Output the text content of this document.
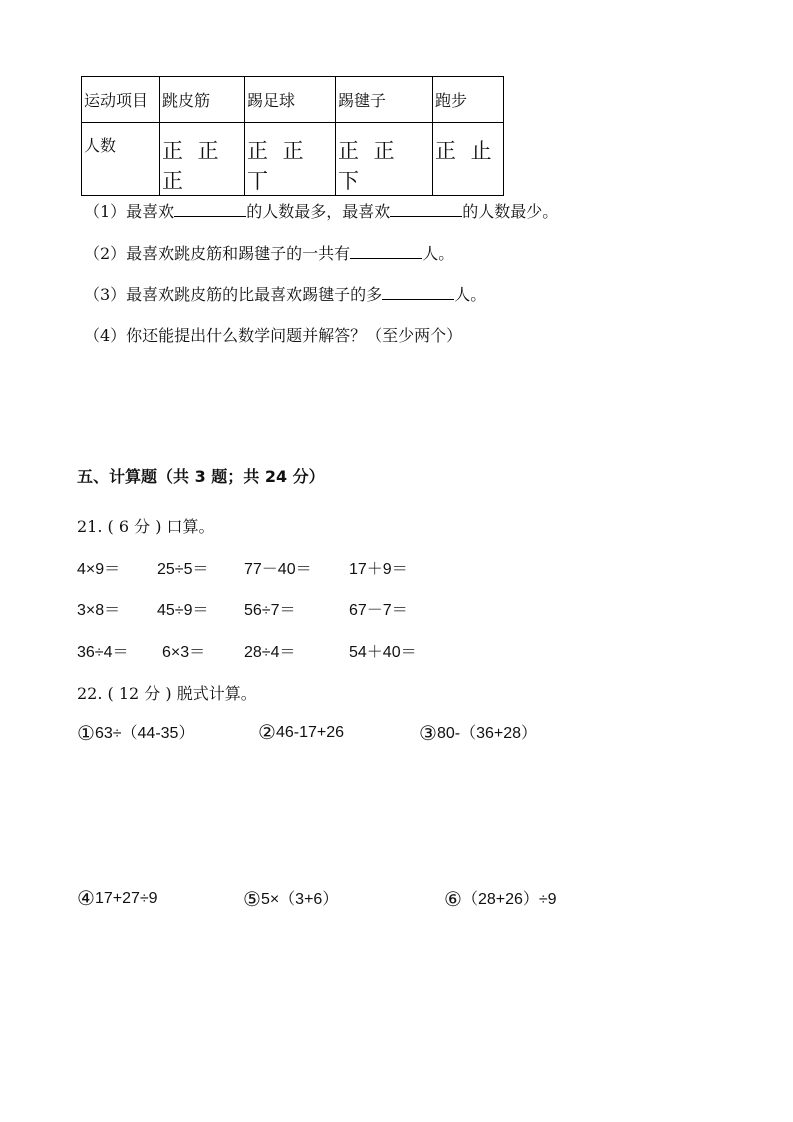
运动项目	跳皮筋	踢足球	踢毽子	跑步
人数	正 正 正	正 正 丅	正 正 下	正 止
（1）最喜欢	的人数最多，最喜欢	的人数最少。
（2）最喜欢跳皮筋和踢毽子的一共有	人。
（3）最喜欢跳皮筋的比最喜欢踢毽子的多	人。
（4）你还能提出什么数学问题并解答？（至少两个）
五、计算题（共 3 题；共 24 分）
21. ( 6 分 ) 口算。
4×9＝ 25÷5＝ 77－40＝ 17＋9＝
3×8＝ 45÷9＝ 56÷7＝	67－7＝
36÷4＝ 6×3＝ 28÷4＝	54＋40＝
22. ( 12 分 ) 脱式计算。
①63÷（44-35）	②46-17+26	③80-（36+28）
④17+27÷9	⑤5×（3+6）	⑥（28+26）÷9
